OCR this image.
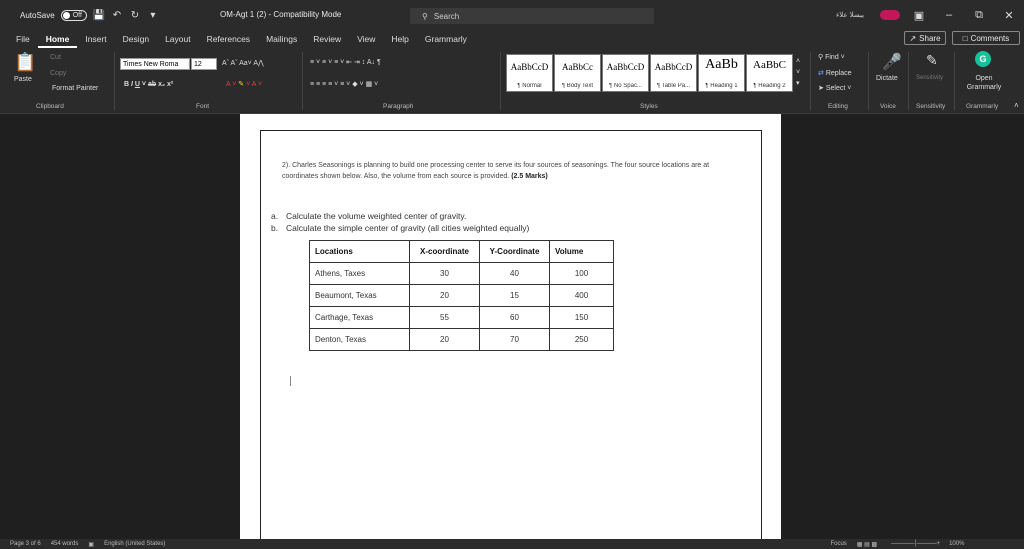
AutoSave	Off 💾 ↶ ↻	▾	OM-Agt 1 (2) - Compatibility Mode	⚲ Search	يبسلا علاء	▣	–	⧉	✕
File	Home	Insert	Design	Layout	References	Mailings	Review	View	Help	Grammarly	↗ Share	□ Comments
📋
Paste
Cut
Copy
Format Painter
Clipboard
Times New Roma	12	Aˆ Aˇ Aa˅ A⋀
B I U ˅ ab x₂ x²	A ˅ ✎ ˅ A ˅
Font
≡ ˅ ≡ ˅ ≡ ˅ ⇤ ⇥ ↕ A↓ ¶
≡ ≡ ≡ ≡ ˅ ≡ ˅ ◆ ˅ ▦ ˅
Paragraph
AaBbCcD
¶ Normal
AaBbCc
¶ Body Text
AaBbCcD
¶ No Spac...
AaBbCcD
¶ Table Pa...
AaBb
¶ Heading 1
AaBbC
¶ Heading 2
˄
˅
▾
Styles
⚲ Find ˅
⇄ Replace
➤ Select ˅
Editing
🎤
Dictate
Voice
✎
Sensitivity
Sensitivity
G
Open Grammarly
Grammarly ˄
2). Charles Seasonings is planning to build one processing center to serve its four sources of seasonings. The four source locations are at coordinates shown below. Also, the volume from each source is provided. (2.5 Marks)
a. Calculate the volume weighted center of gravity.
b. Calculate the simple center of gravity (all cities weighted equally)
Locations	X-coordinate	Y-Coordinate	Volume
Athens, Taxes	30	40	100
Beaumont, Texas	20	15	400
Carthage, Texas	55	60	150
Denton, Texas	20	70	250
Page 3 of 6 454 words ▣ English (United States)	Focus ▦ ▤ ▩ – ──────│────── + 100%
